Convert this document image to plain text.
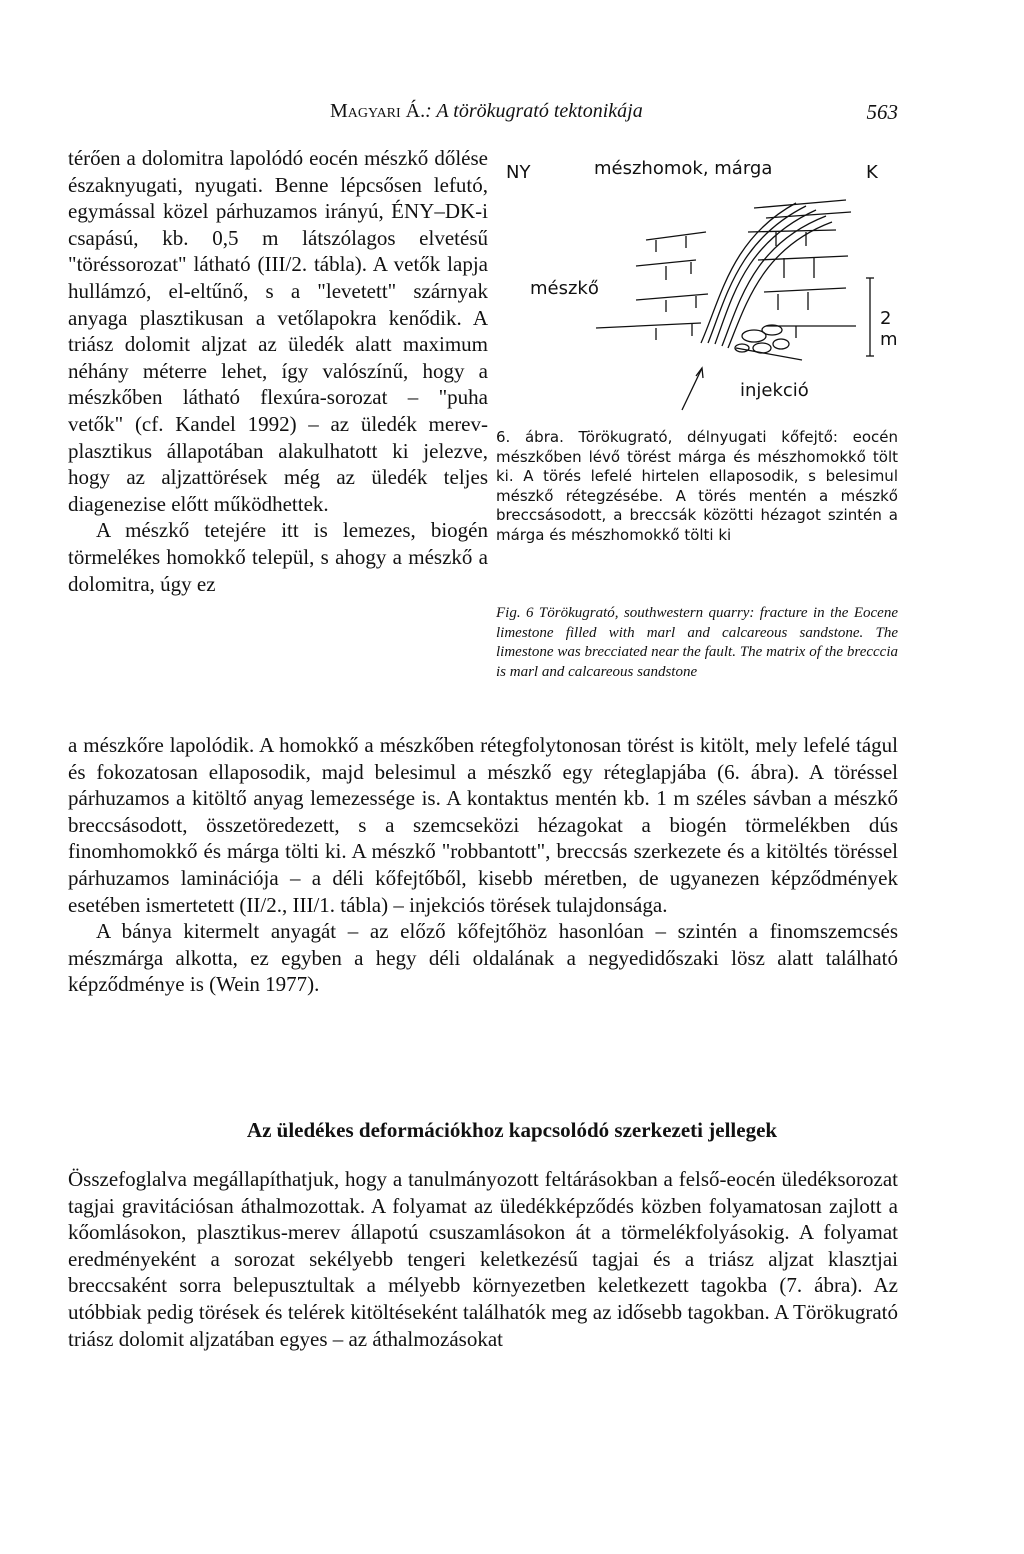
Magyari Á.: A törökugrató tektonikája	563

térően a dolomitra lapolódó eocén mészkő dőlése északnyugati, nyugati. Benne lépcsősen lefutó, egymással közel párhuzamos irányú, ÉNY–DK-i csapású, kb. 0,5 m látszólagos elvetésű "töréssorozat" látható (III/2. tábla). A vetők lapja hullámzó, el-eltűnő, s a "levetett" szárnyak anyaga plasztikusan a vetőlapokra kenődik. A triász dolomit aljzat az üledék alatt maximum néhány méterre lehet, így valószínű, hogy a mészkőben látható flexúra-sorozat – "puha vetők" (cf. Kandel 1992) – az üledék merev-plasztikus állapotában alakulhatott ki jelezve, hogy az aljzattörések még az üledék teljes diagenezise előtt működhettek.

A mészkő tetejére itt is lemezes, biogén törmelékes homokkő települ, s ahogy a mészkő a dolomitra, úgy ez

NY	mészhomok, márga	K
mészkő
2 m
injekció
6. ábra. Törökugrató, délnyugati kőfejtő: eocén mészkőben lévő törést márga és mészhomokkő tölt ki. A törés lefelé hirtelen ellaposodik, s belesimul mészkő rétegzésébe. A törés mentén a mészkő breccsásodott, a breccsák közötti hézagot szintén a márga és mészhomokkő tölti ki
Fig. 6 Törökugrató, southwestern quarry: fracture in the Eocene limestone filled with marl and calcareous sandstone. The limestone was brecciated near the fault. The matrix of the brecccia is marl and calcareous sandstone

a mészkőre lapolódik. A homokkő a mészkőben rétegfolytonosan törést is kitölt, mely lefelé tágul és fokozatosan ellaposodik, majd belesimul a mészkő egy réteglapjába (6. ábra). A töréssel párhuzamos a kitöltő anyag lemezessége is. A kontaktus mentén kb. 1 m széles sávban a mészkő breccsásodott, összetöredezett, s a szemcseközi hézagokat a biogén törmelékben dús finomhomokkő és márga tölti ki. A mészkő "robbantott", breccsás szerkezete és a kitöltés töréssel párhuzamos laminációja – a déli kőfejtőből, kisebb méretben, de ugyanezen képződmények esetében ismertetett (II/2., III/1. tábla) – injekciós törések tulajdonsága.

A bánya kitermelt anyagát – az előző kőfejtőhöz hasonlóan – szintén a finomszemcsés mészmárga alkotta, ez egyben a hegy déli oldalának a negyedidőszaki lösz alatt található képződménye is (Wein 1977).

Az üledékes deformációkhoz kapcsolódó szerkezeti jellegek

Összefoglalva megállapíthatjuk, hogy a tanulmányozott feltárásokban a felső-eocén üledéksorozat tagjai gravitációsan áthalmozottak. A folyamat az üledékképződés közben folyamatosan zajlott a kőomlásokon, plasztikus-merev állapotú csuszamlásokon át a törmelékfolyásokig. A folyamat eredményeként a sorozat sekélyebb tengeri keletkezésű tagjai és a triász aljzat klasztjai breccsaként sorra belepusztultak a mélyebb környezetben keletkezett tagokba (7. ábra). Az utóbbiak pedig törések és telérek kitöltéseként találhatók meg az idősebb tagokban. A Törökugrató triász dolomit aljzatában egyes – az áthalmozásokat
